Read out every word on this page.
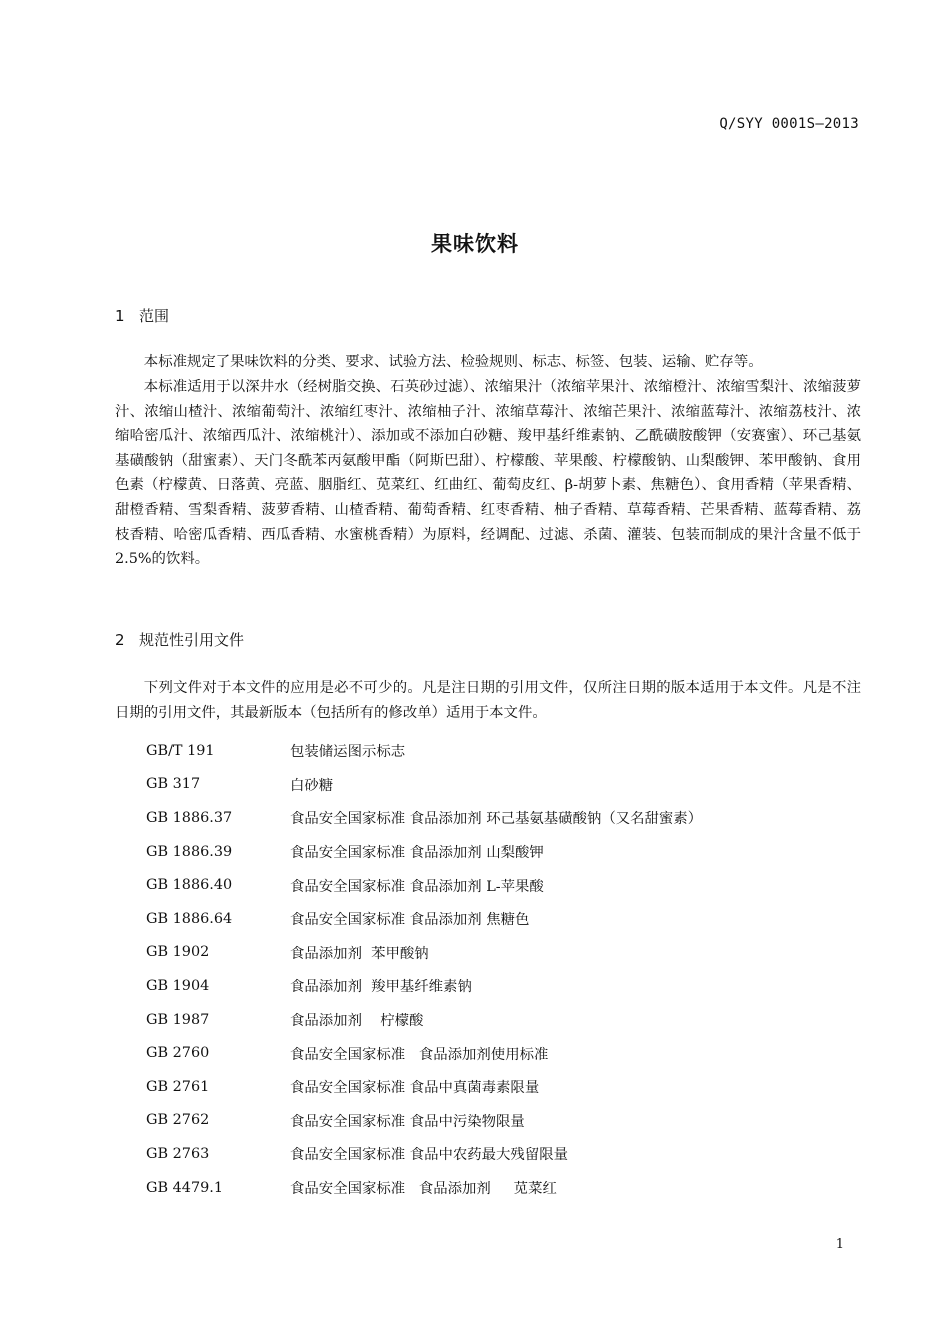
Q/SYY 0001S—2013
果味饮料
1 范围

本标准规定了果味饮料的分类、要求、试验方法、检验规则、标志、标签、包装、运输、贮存等。

本标准适用于以深井水（经树脂交换、石英砂过滤）、浓缩果汁（浓缩苹果汁、浓缩橙汁、浓缩雪梨汁、浓缩菠萝汁、浓缩山楂汁、浓缩葡萄汁、浓缩红枣汁、浓缩柚子汁、浓缩草莓汁、浓缩芒果汁、浓缩蓝莓汁、浓缩荔枝汁、浓缩哈密瓜汁、浓缩西瓜汁、浓缩桃汁）、添加或不添加白砂糖、羧甲基纤维素钠、乙酰磺胺酸钾（安赛蜜）、环己基氨基磺酸钠（甜蜜素）、天门冬酰苯丙氨酸甲酯（阿斯巴甜）、柠檬酸、苹果酸、柠檬酸钠、山梨酸钾、苯甲酸钠、食用色素（柠檬黄、日落黄、亮蓝、胭脂红、苋菜红、红曲红、葡萄皮红、β-胡萝卜素、焦糖色）、食用香精（苹果香精、甜橙香精、雪梨香精、菠萝香精、山楂香精、葡萄香精、红枣香精、柚子香精、草莓香精、芒果香精、蓝莓香精、荔枝香精、哈密瓜香精、西瓜香精、水蜜桃香精）为原料，经调配、过滤、杀菌、灌装、包装而制成的果汁含量不低于2.5%的饮料。

2 规范性引用文件

下列文件对于本文件的应用是必不可少的。凡是注日期的引用文件，仅所注日期的版本适用于本文件。凡是不注日期的引用文件，其最新版本（包括所有的修改单）适用于本文件。

GB/T 191	包装储运图示标志
GB 317	白砂糖
GB 1886.37	食品安全国家标准 食品添加剂 环己基氨基磺酸钠（又名甜蜜素）
GB 1886.39	食品安全国家标准 食品添加剂 山梨酸钾
GB 1886.40	食品安全国家标准 食品添加剂 L-苹果酸
GB 1886.64	食品安全国家标准 食品添加剂 焦糖色
GB 1902	食品添加剂  苯甲酸钠
GB 1904	食品添加剂  羧甲基纤维素钠
GB 1987	食品添加剂    柠檬酸
GB 2760	食品安全国家标准   食品添加剂使用标准
GB 2761	食品安全国家标准 食品中真菌毒素限量
GB 2762	食品安全国家标准 食品中污染物限量
GB 2763	食品安全国家标准 食品中农药最大残留限量
GB 4479.1	食品安全国家标准   食品添加剂     苋菜红
1
